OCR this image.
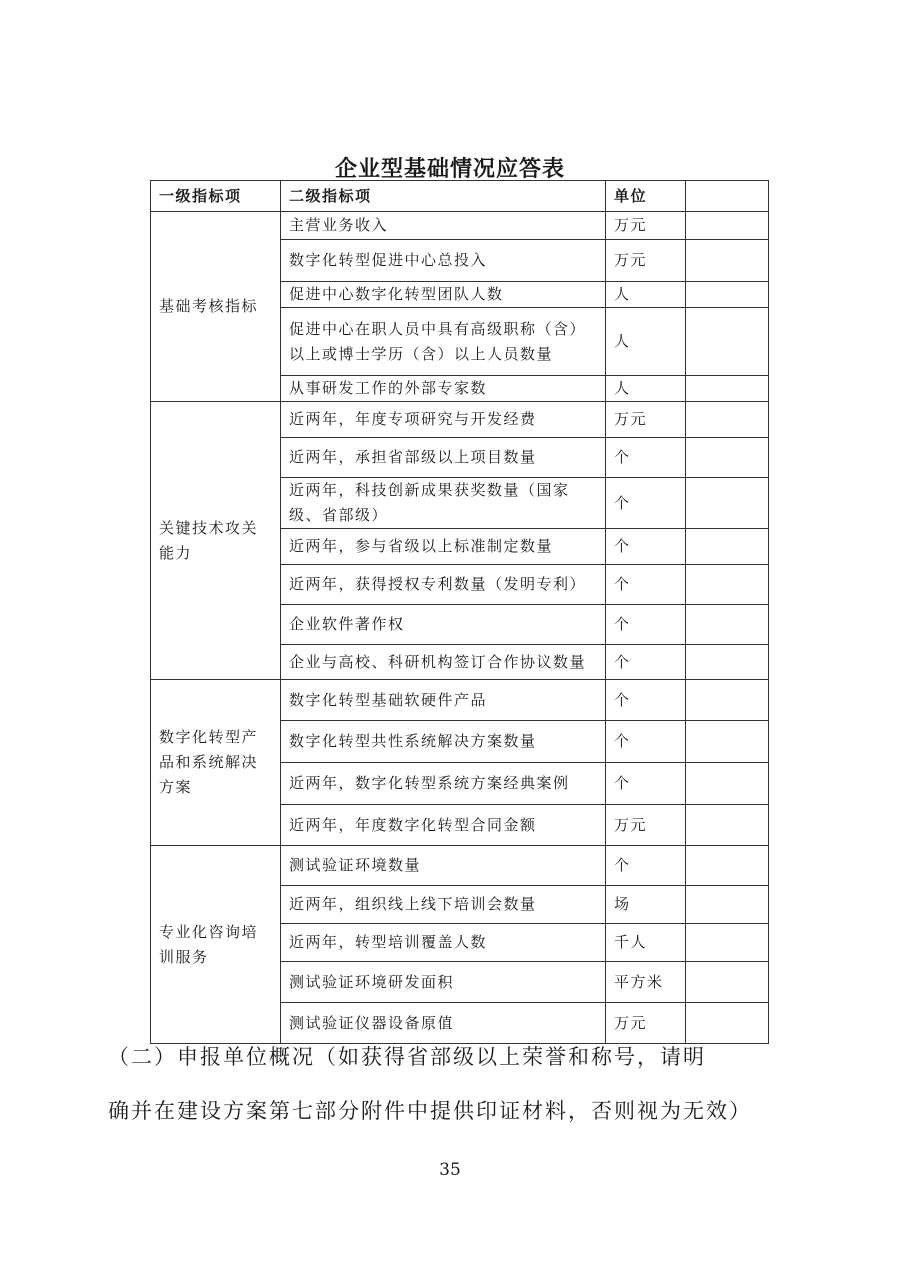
企业型基础情况应答表
一级指标项	二级指标项	单位	
基础考核指标	主营业务收入	万元	
	数字化转型促进中心总投入	万元	
	促进中心数字化转型团队人数	人	
	促进中心在职人员中具有高级职称（含）以上或博士学历（含）以上人员数量	人	
	从事研发工作的外部专家数	人	
关键技术攻关能力	近两年，年度专项研究与开发经费	万元	
	近两年，承担省部级以上项目数量	个	
	近两年，科技创新成果获奖数量（国家级、省部级）	个	
	近两年，参与省级以上标准制定数量	个	
	近两年，获得授权专利数量（发明专利）	个	
	企业软件著作权	个	
	企业与高校、科研机构签订合作协议数量	个	
数字化转型产品和系统解决方案	数字化转型基础软硬件产品	个	
	数字化转型共性系统解决方案数量	个	
	近两年，数字化转型系统方案经典案例	个	
	近两年，年度数字化转型合同金额	万元	
专业化咨询培训服务	测试验证环境数量	个	
	近两年，组织线上线下培训会数量	场	
	近两年，转型培训覆盖人数	千人	
	测试验证环境研发面积	平方米	
	测试验证仪器设备原值	万元	
（二）申报单位概况（如获得省部级以上荣誉和称号，请明
确并在建设方案第七部分附件中提供印证材料，否则视为无效）
35
